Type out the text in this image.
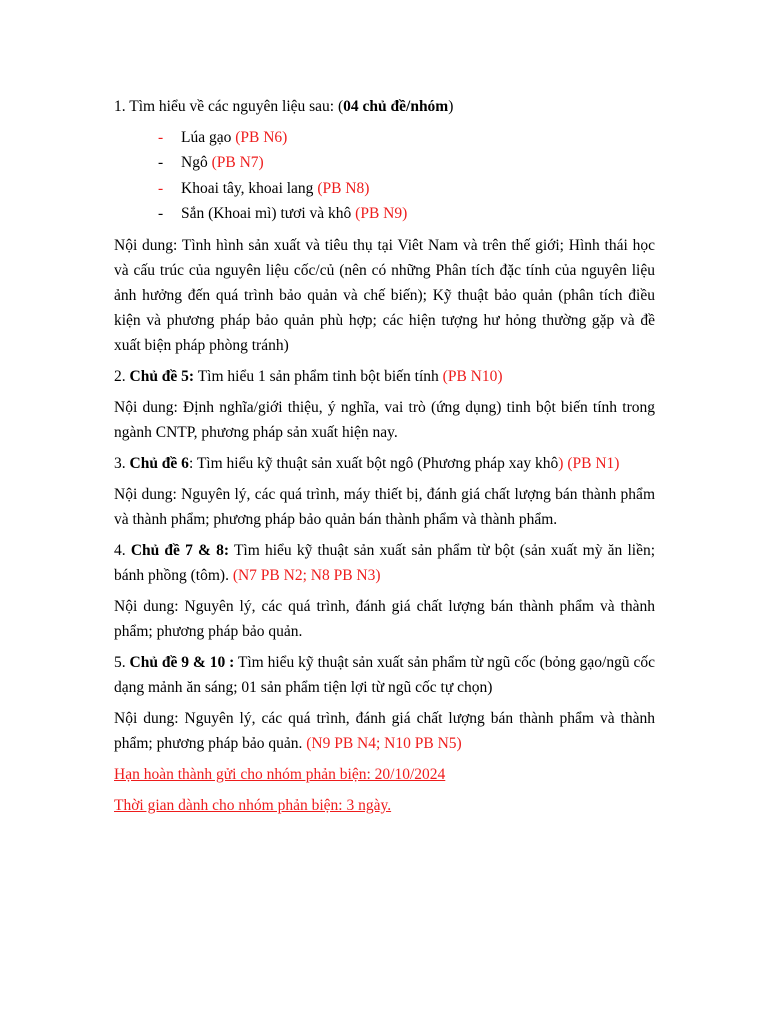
1. Tìm hiểu về các nguyên liệu sau: (04 chủ đề/nhóm)

- Lúa gạo (PB N6)
- Ngô (PB N7)
- Khoai tây, khoai lang (PB N8)
- Sắn (Khoai mì) tươi và khô (PB N9)

Nội dung: Tình hình sản xuất và tiêu thụ tại Viêt Nam và trên thế giới; Hình thái học và cấu trúc của nguyên liệu cốc/củ (nên có những Phân tích đặc tính của nguyên liệu ảnh hưởng đến quá trình bảo quản và chế biến); Kỹ thuật bảo quản (phân tích điều kiện và phương pháp bảo quản phù hợp; các hiện tượng hư hỏng thường gặp và đề xuất biện pháp phòng tránh)

2. Chủ đề 5: Tìm hiểu 1 sản phẩm tinh bột biến tính (PB N10)

Nội dung: Định nghĩa/giới thiệu, ý nghĩa, vai trò (ứng dụng) tinh bột biến tính trong ngành CNTP, phương pháp sản xuất hiện nay.

3. Chủ đề 6: Tìm hiểu kỹ thuật sản xuất bột ngô (Phương pháp xay khô) (PB N1)

Nội dung: Nguyên lý, các quá trình, máy thiết bị, đánh giá chất lượng bán thành phẩm và thành phẩm; phương pháp bảo quản bán thành phẩm và thành phẩm.

4. Chủ đề 7 & 8: Tìm hiểu kỹ thuật sản xuất sản phẩm từ bột (sản xuất mỳ ăn liền; bánh phồng (tôm). (N7 PB N2; N8 PB N3)

Nội dung: Nguyên lý, các quá trình, đánh giá chất lượng bán thành phẩm và thành phẩm; phương pháp bảo quản.

5. Chủ đề 9 & 10 : Tìm hiểu kỹ thuật sản xuất sản phẩm từ ngũ cốc (bỏng gạo/ngũ cốc dạng mảnh ăn sáng; 01 sản phẩm tiện lợi từ ngũ cốc tự chọn)

Nội dung: Nguyên lý, các quá trình, đánh giá chất lượng bán thành phẩm và thành phẩm; phương pháp bảo quản. (N9 PB N4; N10 PB N5)

Hạn hoàn thành gửi cho nhóm phản biện: 20/10/2024

Thời gian dành cho nhóm phản biện: 3 ngày.
